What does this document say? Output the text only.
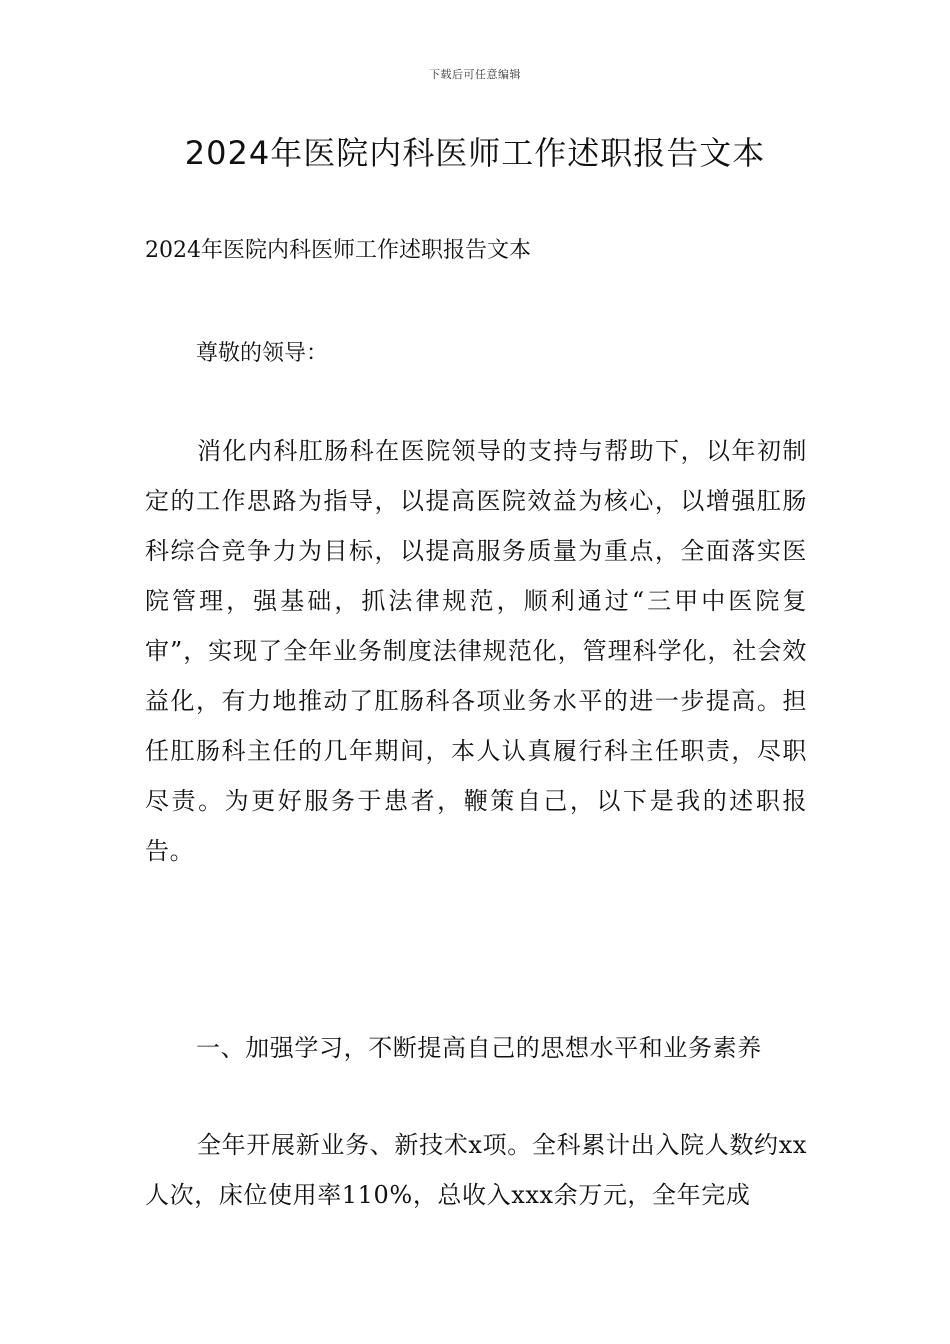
下载后可任意编辑
2024年医院内科医师工作述职报告文本

2024年医院内科医师工作述职报告文本

尊敬的领导：

消化内科肛肠科在医院领导的支持与帮助下，以年初制定的工作思路为指导，以提高医院效益为核心，以增强肛肠科综合竞争力为目标，以提高服务质量为重点，全面落实医院管理，强基础，抓法律规范，顺利通过“三甲中医院复审”，实现了全年业务制度法律规范化，管理科学化，社会效益化，有力地推动了肛肠科各项业务水平的进一步提高。担任肛肠科主任的几年期间，本人认真履行科主任职责，尽职尽责。为更好服务于患者，鞭策自己，以下是我的述职报告。

一、加强学习，不断提高自己的思想水平和业务素养

全年开展新业务、新技术x项。全科累计出入院人数约xx人次，床位使用率110%，总收入xxx余万元，全年完成
